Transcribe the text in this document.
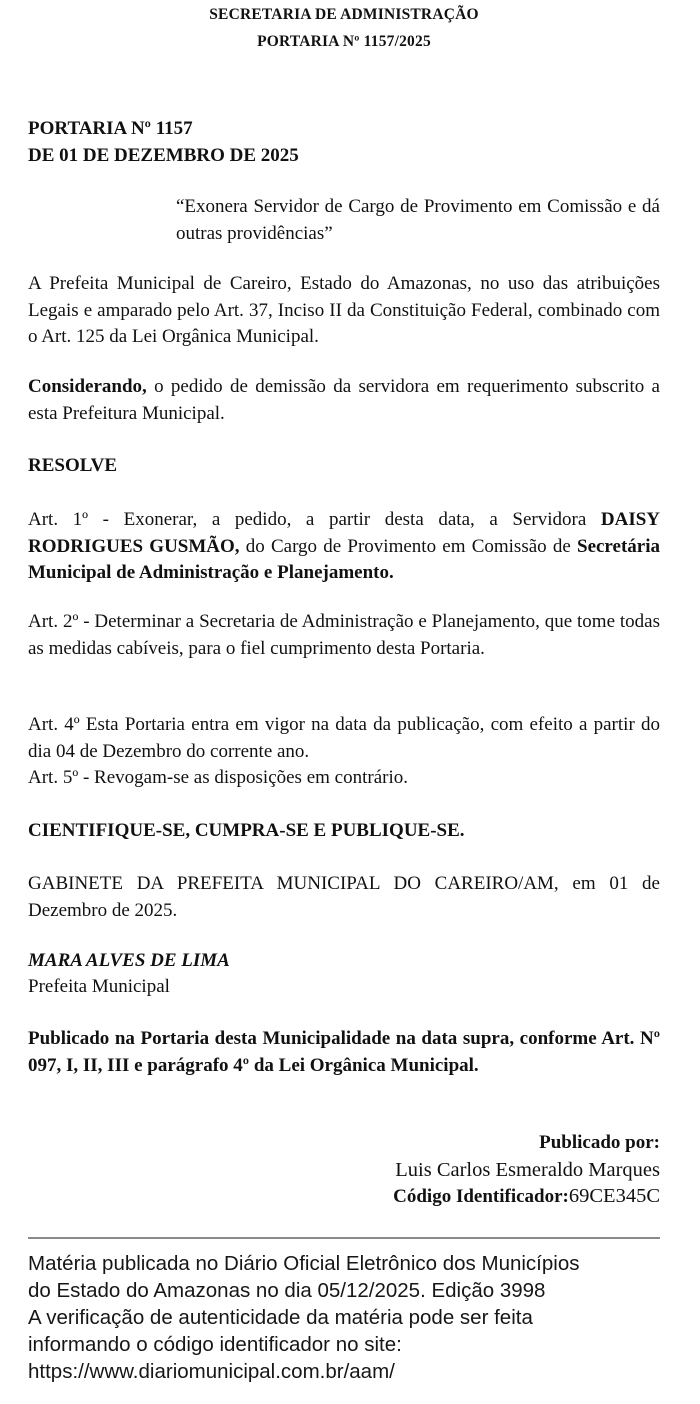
SECRETARIA DE ADMINISTRAÇÃO
PORTARIA Nº 1157/2025
PORTARIA Nº 1157
DE 01 DE DEZEMBRO DE 2025
“Exonera Servidor de Cargo de Provimento em Comissão e dá outras providências”
A Prefeita Municipal de Careiro, Estado do Amazonas, no uso das atribuições Legais e amparado pelo Art. 37, Inciso II da Constituição Federal, combinado com o Art. 125 da Lei Orgânica Municipal.
Considerando, o pedido de demissão da servidora em requerimento subscrito a esta Prefeitura Municipal.
RESOLVE
Art. 1º - Exonerar, a pedido, a partir desta data, a Servidora DAISY RODRIGUES GUSMÃO, do Cargo de Provimento em Comissão de Secretária Municipal de Administração e Planejamento.
Art. 2º - Determinar a Secretaria de Administração e Planejamento, que tome todas as medidas cabíveis, para o fiel cumprimento desta Portaria.
Art. 4º Esta Portaria entra em vigor na data da publicação, com efeito a partir do dia 04 de Dezembro do corrente ano.
Art. 5º - Revogam-se as disposições em contrário.
CIENTIFIQUE-SE, CUMPRA-SE E PUBLIQUE-SE.
GABINETE DA PREFEITA MUNICIPAL DO CAREIRO/AM, em 01 de Dezembro de 2025.
MARA ALVES DE LIMA
Prefeita Municipal
Publicado na Portaria desta Municipalidade na data supra, conforme Art. Nº 097, I, II, III e parágrafo 4º da Lei Orgânica Municipal.
Publicado por:
Luis Carlos Esmeraldo Marques
Código Identificador:69CE345C
Matéria publicada no Diário Oficial Eletrônico dos Municípios
do Estado do Amazonas no dia 05/12/2025. Edição 3998
A verificação de autenticidade da matéria pode ser feita
informando o código identificador no site:
https://www.diariomunicipal.com.br/aam/
